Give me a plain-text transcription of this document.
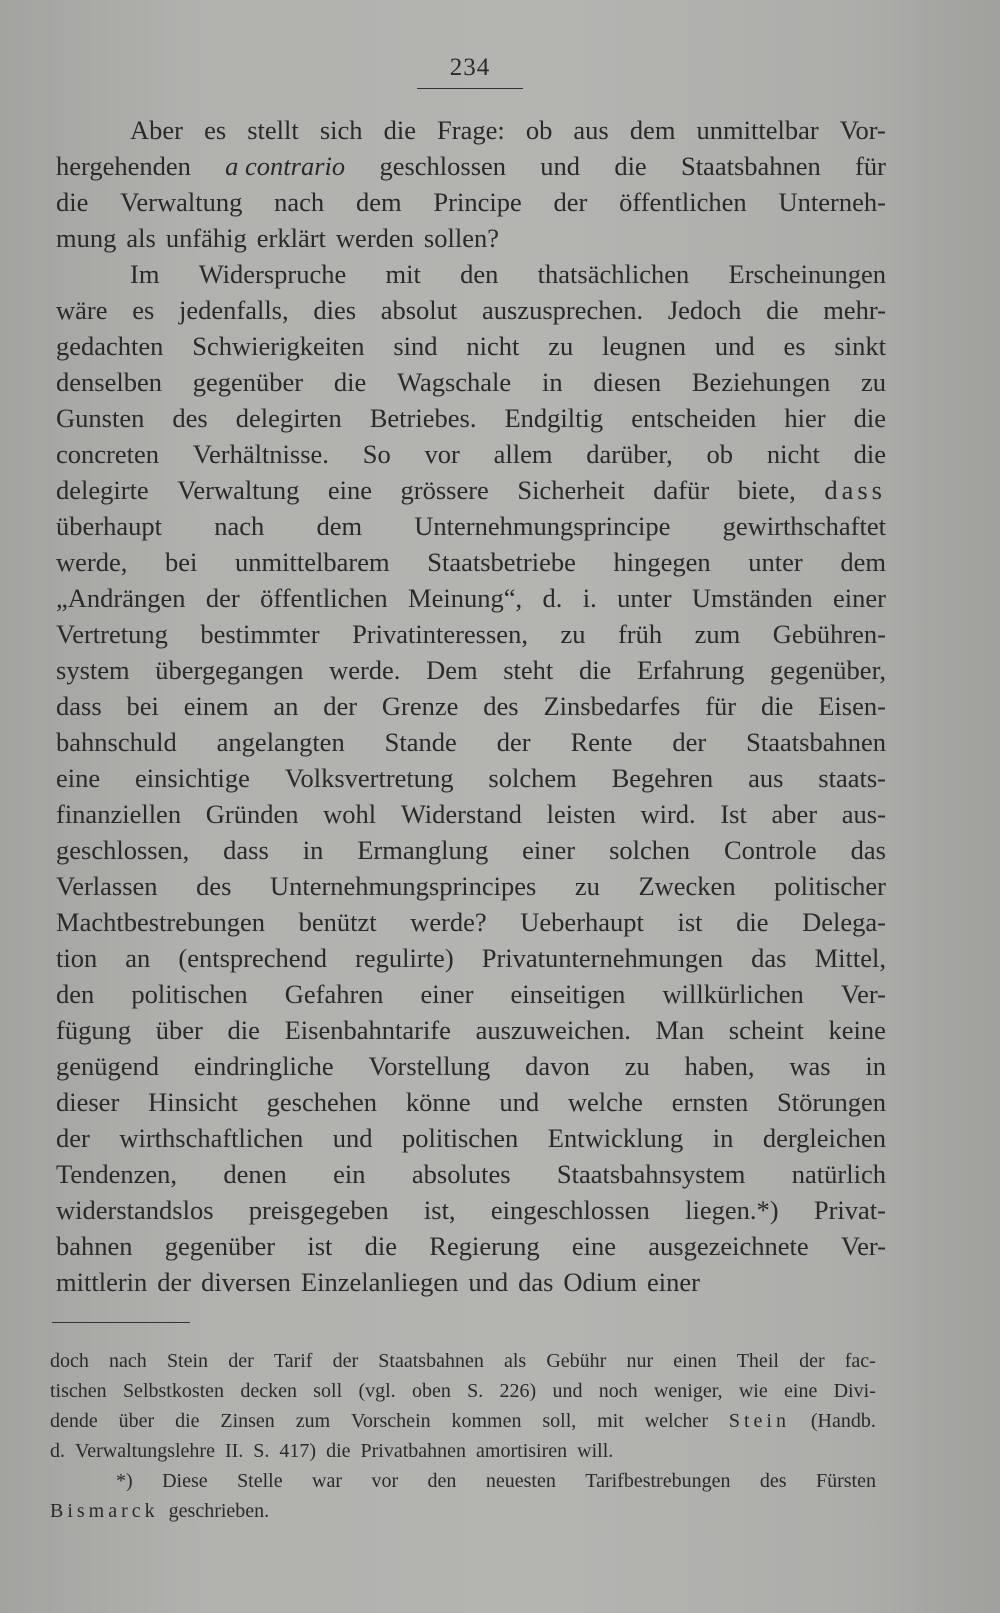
234
Aber es stellt sich die Frage: ob aus dem unmittelbar Vor-
hergehenden a contrario geschlossen und die Staatsbahnen für
die Verwaltung nach dem Principe der öffentlichen Unterneh-
mung als unfähig erklärt werden sollen?
Im Widerspruche mit den thatsächlichen Erscheinungen
wäre es jedenfalls, dies absolut auszusprechen. Jedoch die mehr-
gedachten Schwierigkeiten sind nicht zu leugnen und es sinkt
denselben gegenüber die Wagschale in diesen Beziehungen zu
Gunsten des delegirten Betriebes. Endgiltig entscheiden hier die
concreten Verhältnisse. So vor allem darüber, ob nicht die
delegirte Verwaltung eine grössere Sicherheit dafür biete, dass
überhaupt nach dem Unternehmungsprincipe gewirthschaftet
werde, bei unmittelbarem Staatsbetriebe hingegen unter dem
„Andrängen der öffentlichen Meinung“, d. i. unter Umständen einer
Vertretung bestimmter Privatinteressen, zu früh zum Gebühren-
system übergegangen werde. Dem steht die Erfahrung gegenüber,
dass bei einem an der Grenze des Zinsbedarfes für die Eisen-
bahnschuld angelangten Stande der Rente der Staatsbahnen
eine einsichtige Volksvertretung solchem Begehren aus staats-
finanziellen Gründen wohl Widerstand leisten wird. Ist aber aus-
geschlossen, dass in Ermanglung einer solchen Controle das
Verlassen des Unternehmungsprincipes zu Zwecken politischer
Machtbestrebungen benützt werde? Ueberhaupt ist die Delega-
tion an (entsprechend regulirte) Privatunternehmungen das Mittel,
den politischen Gefahren einer einseitigen willkürlichen Ver-
fügung über die Eisenbahntarife auszuweichen. Man scheint keine
genügend eindringliche Vorstellung davon zu haben, was in
dieser Hinsicht geschehen könne und welche ernsten Störungen
der wirthschaftlichen und politischen Entwicklung in dergleichen
Tendenzen, denen ein absolutes Staatsbahnsystem natürlich
widerstandslos preisgegeben ist, eingeschlossen liegen.*) Privat-
bahnen gegenüber ist die Regierung eine ausgezeichnete Ver-
mittlerin der diversen Einzelanliegen und das Odium einer
doch nach Stein der Tarif der Staatsbahnen als Gebühr nur einen Theil der fac-
tischen Selbstkosten decken soll (vgl. oben S. 226) und noch weniger, wie eine Divi-
dende über die Zinsen zum Vorschein kommen soll, mit welcher Stein (Handb.
d. Verwaltungslehre II. S. 417) die Privatbahnen amortisiren will.
*) Diese Stelle war vor den neuesten Tarifbestrebungen des Fürsten
Bismarck geschrieben.
